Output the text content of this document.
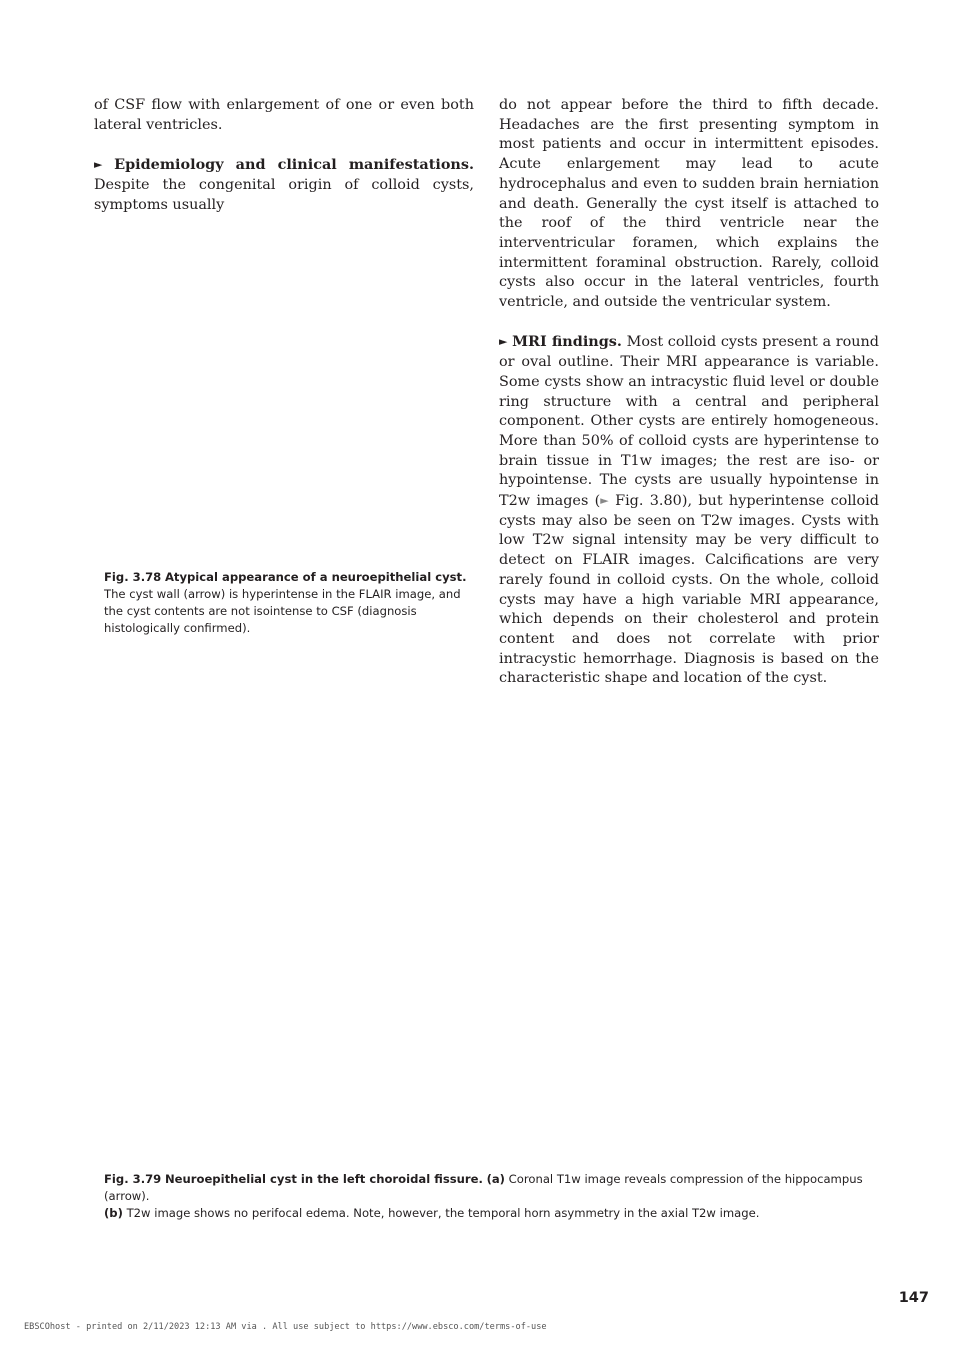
of CSF flow with enlargement of one or even both lateral ventricles.

► Epidemiology and clinical manifestations. Despite the congenital origin of colloid cysts, symptoms usually

Fig. 3.78 Atypical appearance of a neuroepithelial cyst. The cyst wall (arrow) is hyperintense in the FLAIR image, and the cyst contents are not isointense to CSF (diagnosis histologically confirmed).

do not appear before the third to fifth decade. Headaches are the first presenting symptom in most patients and occur in intermittent episodes. Acute enlargement may lead to acute hydrocephalus and even to sudden brain herniation and death. Generally the cyst itself is attached to the roof of the third ventricle near the interventricular foramen, which explains the intermittent foraminal obstruction. Rarely, colloid cysts also occur in the lateral ventricles, fourth ventricle, and outside the ventricular system.

► MRI findings. Most colloid cysts present a round or oval outline. Their MRI appearance is variable. Some cysts show an intracystic fluid level or double ring structure with a central and peripheral component. Other cysts are entirely homogeneous. More than 50% of colloid cysts are hyperintense to brain tissue in T1w images; the rest are iso- or hypointense. The cysts are usually hypointense in T2w images (► Fig. 3.80), but hyperintense colloid cysts may also be seen on T2w images. Cysts with low T2w signal intensity may be very difficult to detect on FLAIR images. Calcifications are very rarely found in colloid cysts. On the whole, colloid cysts may have a high variable MRI appearance, which depends on their cholesterol and protein content and does not correlate with prior intracystic hemorrhage. Diagnosis is based on the characteristic shape and location of the cyst.

Fig. 3.79 Neuroepithelial cyst in the left choroidal fissure. (a) Coronal T1w image reveals compression of the hippocampus (arrow).
(b) T2w image shows no perifocal edema. Note, however, the temporal horn asymmetry in the axial T2w image.
147
EBSCOhost - printed on 2/11/2023 12:13 AM via . All use subject to https://www.ebsco.com/terms-of-use
